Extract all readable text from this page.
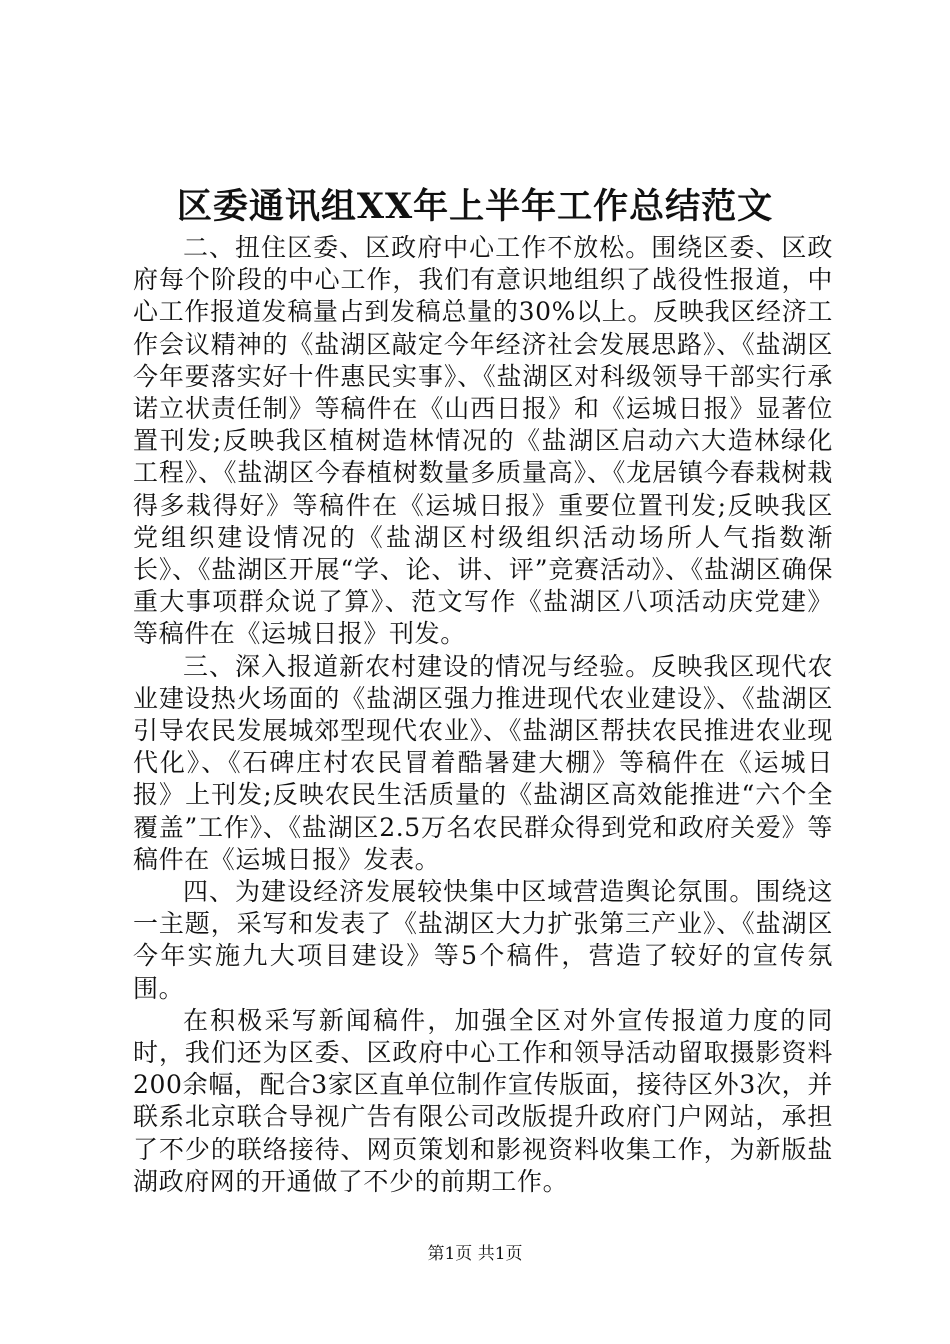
区委通讯组XX年上半年工作总结范文

二、扭住区委、区政府中心工作不放松。围绕区委、区政府每个阶段的中心工作，我们有意识地组织了战役性报道，中心工作报道发稿量占到发稿总量的30%以上。反映我区经济工作会议精神的《盐湖区敲定今年经济社会发展思路》、《盐湖区今年要落实好十件惠民实事》、《盐湖区对科级领导干部实行承诺立状责任制》等稿件在《山西日报》和《运城日报》显著位置刊发;反映我区植树造林情况的《盐湖区启动六大造林绿化工程》、《盐湖区今春植树数量多质量高》、《龙居镇今春栽树栽得多栽得好》等稿件在《运城日报》重要位置刊发;反映我区党组织建设情况的《盐湖区村级组织活动场所人气指数渐长》、《盐湖区开展“学、论、讲、评”竞赛活动》、《盐湖区确保重大事项群众说了算》、范文写作《盐湖区八项活动庆党建》等稿件在《运城日报》刊发。

三、深入报道新农村建设的情况与经验。反映我区现代农业建设热火场面的《盐湖区强力推进现代农业建设》、《盐湖区引导农民发展城郊型现代农业》、《盐湖区帮扶农民推进农业现代化》、《石碑庄村农民冒着酷暑建大棚》等稿件在《运城日报》上刊发;反映农民生活质量的《盐湖区高效能推进“六个全覆盖”工作》、《盐湖区2.5万名农民群众得到党和政府关爱》等稿件在《运城日报》发表。

四、为建设经济发展较快集中区域营造舆论氛围。围绕这一主题，采写和发表了《盐湖区大力扩张第三产业》、《盐湖区今年实施九大项目建设》等5个稿件，营造了较好的宣传氛围。

在积极采写新闻稿件，加强全区对外宣传报道力度的同时，我们还为区委、区政府中心工作和领导活动留取摄影资料200余幅，配合3家区直单位制作宣传版面，接待区外3次，并联系北京联合导视广告有限公司改版提升政府门户网站，承担了不少的联络接待、网页策划和影视资料收集工作，为新版盐湖政府网的开通做了不少的前期工作。

第1页 共1页
